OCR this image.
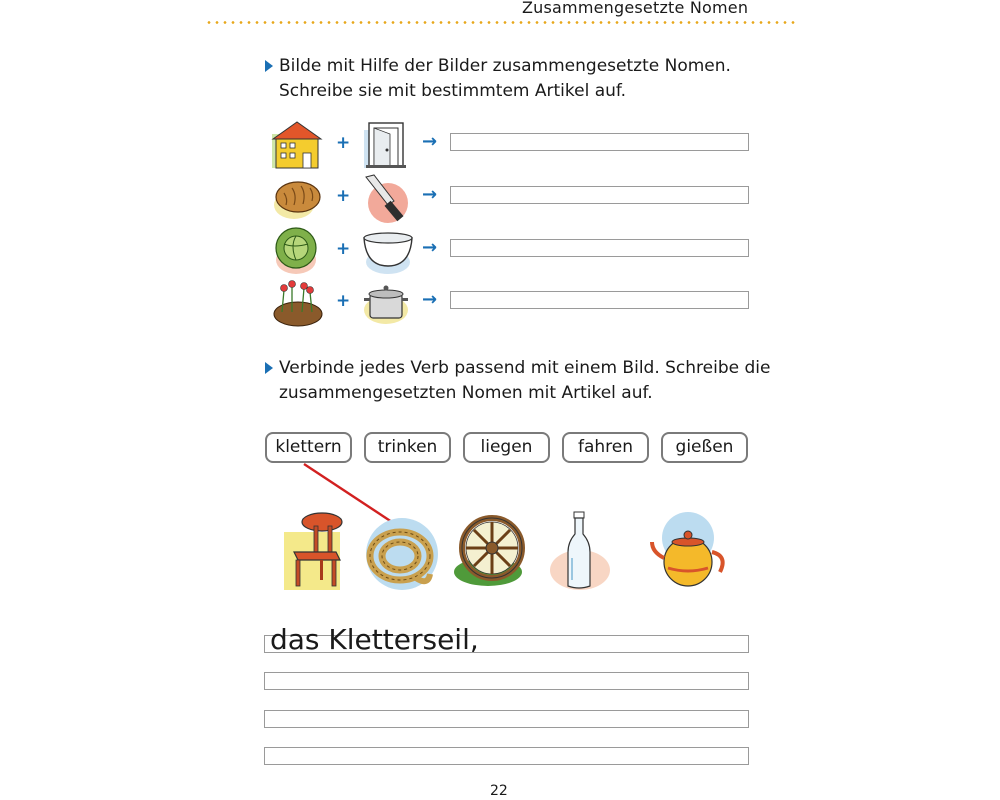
Zusammengesetzte Nomen
Bilde mit Hilfe der Bilder zusammengesetzte Nomen.
Schreibe sie mit bestimmtem Artikel auf.
+	→
+	→
+	→
+	→
Verbinde jedes Verb passend mit einem Bild. Schreibe die
zusammengesetzten Nomen mit Artikel auf.
klettern	trinken	liegen	fahren	gießen
das Kletterseil,
22
